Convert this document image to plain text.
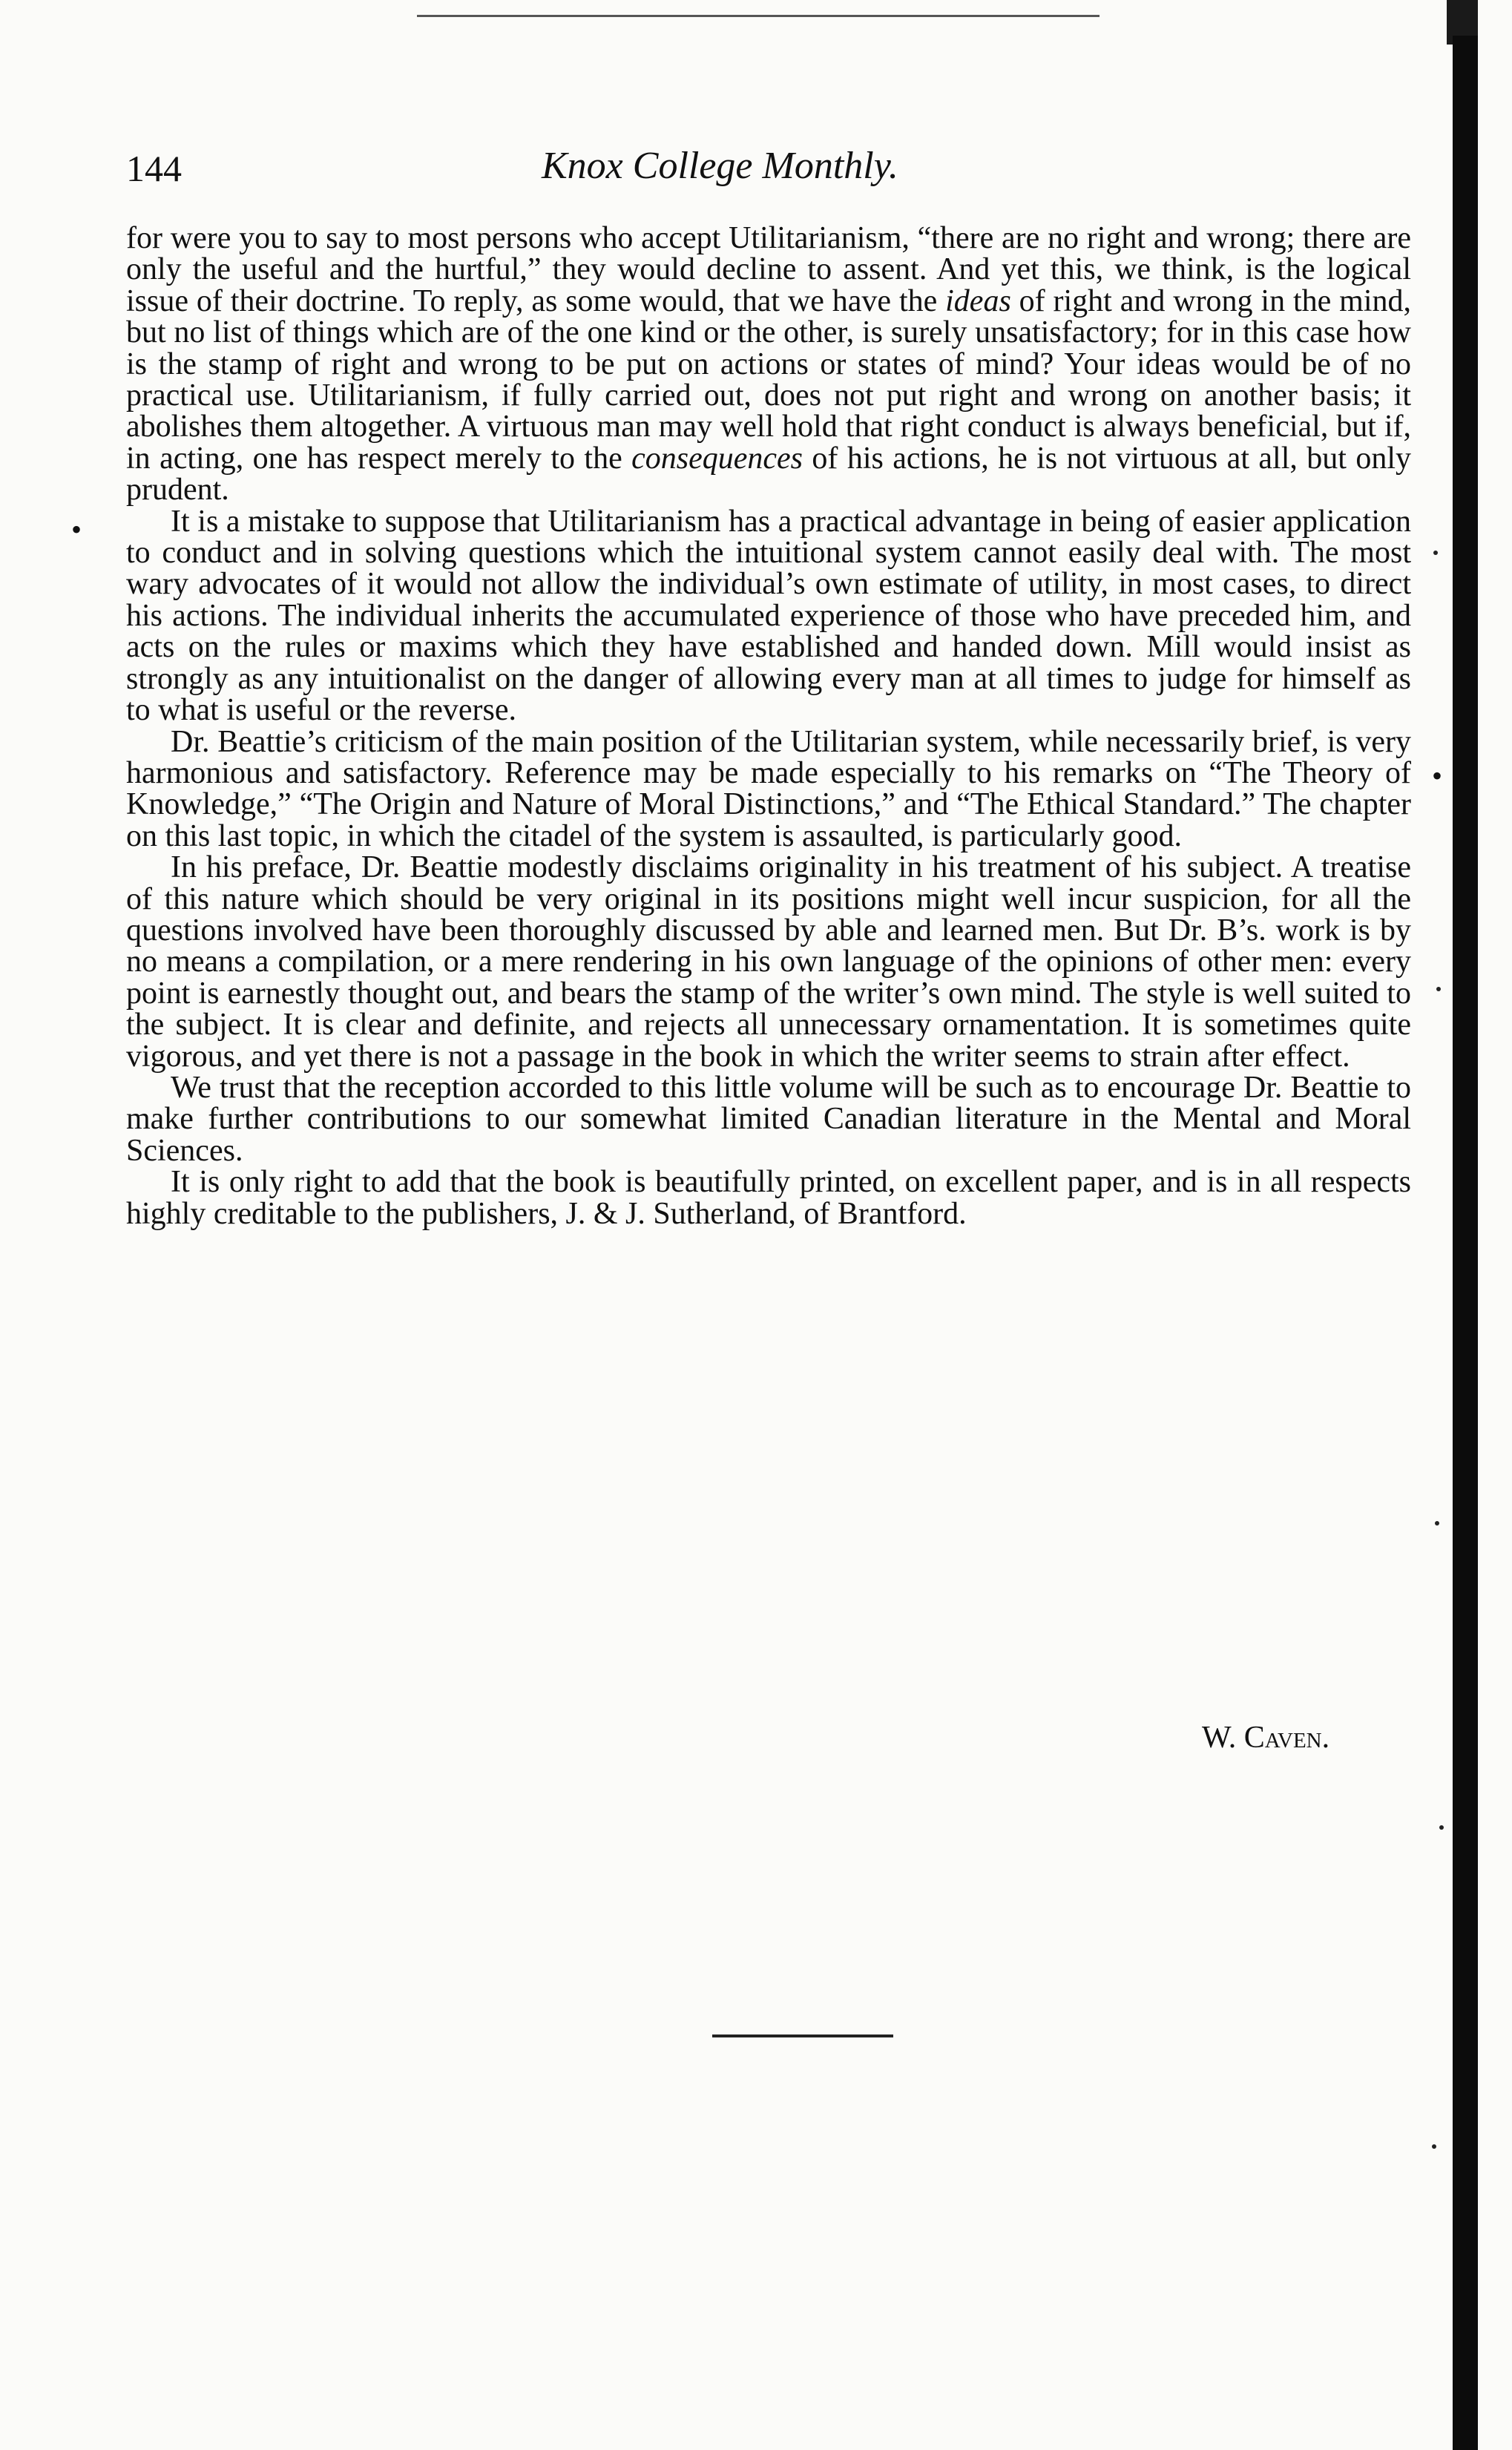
144	Knox College Monthly.
•
•

for were you to say to most persons who accept Utilitarianism, “there are no right and wrong; there are only the useful and the hurtful,” they would decline to assent. And yet this, we think, is the logical issue of their doctrine. To reply, as some would, that we have the ideas of right and wrong in the mind, but no list of things which are of the one kind or the other, is surely unsatisfactory; for in this case how is the stamp of right and wrong to be put on actions or states of mind? Your ideas would be of no practical use. Utilitarianism, if fully carried out, does not put right and wrong on another basis; it abolishes them altogether. A virtuous man may well hold that right conduct is always beneficial, but if, in acting, one has respect merely to the consequences of his actions, he is not virtuous at all, but only prudent.

It is a mistake to suppose that Utilitarianism has a practical advantage in being of easier application to conduct and in solving questions which the intuitional system cannot easily deal with. The most wary advocates of it would not allow the individual’s own estimate of utility, in most cases, to direct his actions. The individual inherits the accumulated experience of those who have preceded him, and acts on the rules or maxims which they have established and handed down. Mill would insist as strongly as any intuitionalist on the danger of allowing every man at all times to judge for himself as to what is useful or the reverse.

Dr. Beattie’s criticism of the main position of the Utilitarian system, while necessarily brief, is very harmonious and satisfactory. Reference may be made especially to his remarks on “The Theory of Knowledge,” “The Origin and Nature of Moral Distinctions,” and “The Ethical Standard.” The chapter on this last topic, in which the citadel of the system is assaulted, is particularly good.

In his preface, Dr. Beattie modestly disclaims originality in his treatment of his subject. A treatise of this nature which should be very original in its positions might well incur suspicion, for all the questions involved have been thoroughly discussed by able and learned men. But Dr. B’s. work is by no means a compilation, or a mere rendering in his own language of the opinions of other men: every point is earnestly thought out, and bears the stamp of the writer’s own mind. The style is well suited to the subject. It is clear and definite, and rejects all unnecessary ornamentation. It is sometimes quite vigorous, and yet there is not a passage in the book in which the writer seems to strain after effect.

We trust that the reception accorded to this little volume will be such as to encourage Dr. Beattie to make further contributions to our somewhat limited Canadian literature in the Mental and Moral Sciences.

It is only right to add that the book is beautifully printed, on excellent paper, and is in all respects highly creditable to the publishers, J. & J. Sutherland, of Brantford.

W. Caven.
